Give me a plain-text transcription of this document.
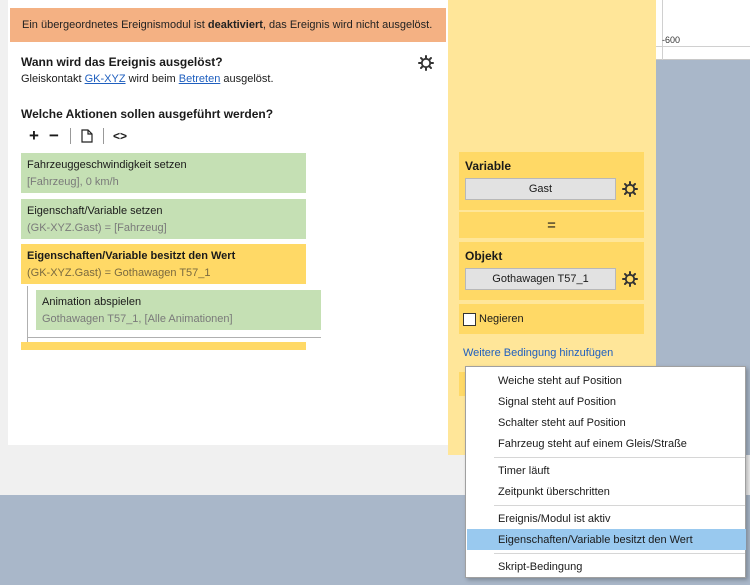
-600
Ein übergeordnetes Ereignismodul ist deaktiviert, das Ereignis wird nicht ausgelöst.
Wann wird das Ereignis ausgelöst?
Gleiskontakt GK-XYZ wird beim Betreten ausgelöst.
Welche Aktionen sollen ausgeführt werden?
+ −	<>
Fahrzeuggeschwindigkeit setzen
[Fahrzeug], 0 km/h
Eigenschaft/Variable setzen
(GK-XYZ.Gast) = [Fahrzeug]
Eigenschaften/Variable besitzt den Wert
(GK-XYZ.Gast) = Gothawagen T57_1
Animation abspielen
Gothawagen T57_1, [Alle Animationen]
Variable
Gast
=
Objekt
Gothawagen T57_1
Negieren
Weitere Bedingung hinzufügen
Weiche steht auf Position
Signal steht auf Position
Schalter steht auf Position
Fahrzeug steht auf einem Gleis/Straße
Timer läuft
Zeitpunkt überschritten
Ereignis/Modul ist aktiv
Eigenschaften/Variable besitzt den Wert
Skript-Bedingung
